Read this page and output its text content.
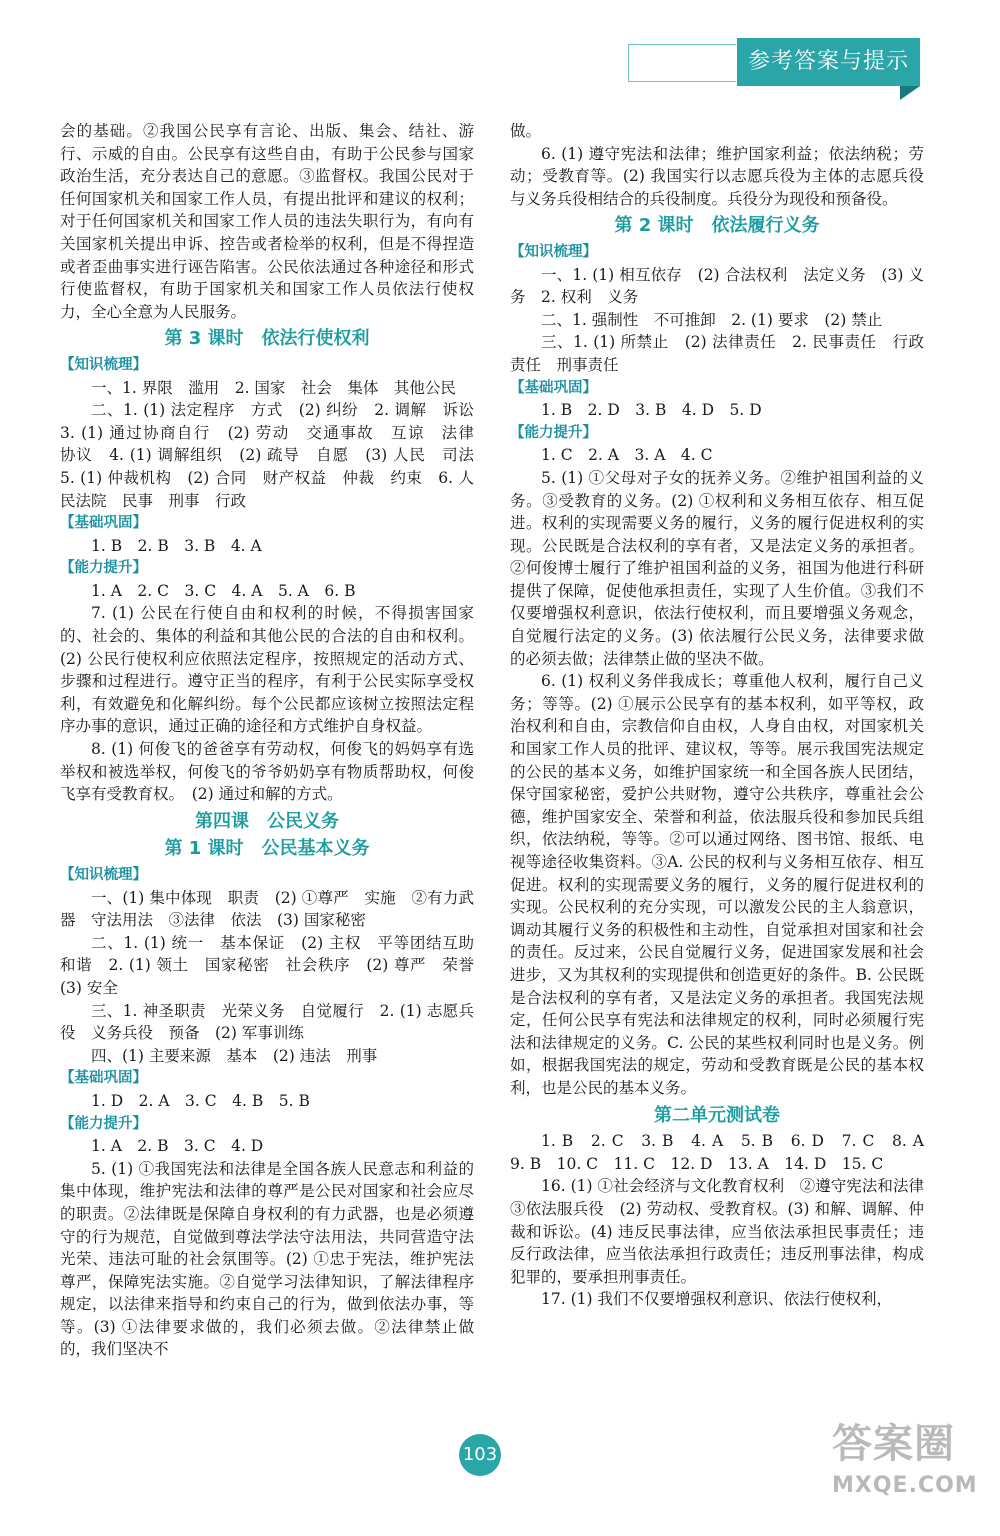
参考答案与提示

会的基础。②我国公民享有言论、出版、集会、结社、游行、示威的自由。公民享有这些自由，有助于公民参与国家政治生活，充分表达自己的意愿。③监督权。我国公民对于任何国家机关和国家工作人员，有提出批评和建议的权利；对于任何国家机关和国家工作人员的违法失职行为，有向有关国家机关提出申诉、控告或者检举的权利，但是不得捏造或者歪曲事实进行诬告陷害。公民依法通过各种途径和形式行使监督权，有助于国家机关和国家工作人员依法行使权力，全心全意为人民服务。

第 3 课时　依法行使权利

【知识梳理】

一、1. 界限　滥用　2. 国家　社会　集体　其他公民

二、1. (1) 法定程序　方式　(2) 纠纷　2. 调解　诉讼　3. (1) 通过协商自行　(2) 劳动　交通事故　互谅　法律　协议　4. (1) 调解组织　(2) 疏导　自愿　(3) 人民　司法　5. (1) 仲裁机构　(2) 合同　财产权益　仲裁　约束　6. 人民法院　民事　刑事　行政

【基础巩固】

1. B　2. B　3. B　4. A

【能力提升】

1. A　2. C　3. C　4. A　5. A　6. B

7. (1) 公民在行使自由和权利的时候，不得损害国家的、社会的、集体的利益和其他公民的合法的自由和权利。(2) 公民行使权利应依照法定程序，按照规定的活动方式、步骤和过程进行。遵守正当的程序，有利于公民实际享受权利，有效避免和化解纠纷。每个公民都应该树立按照法定程序办事的意识，通过正确的途径和方式维护自身权益。

8. (1) 何俊飞的爸爸享有劳动权，何俊飞的妈妈享有选举权和被选举权，何俊飞的爷爷奶奶享有物质帮助权，何俊飞享有受教育权。　(2) 通过和解的方式。

第四课　公民义务

第 1 课时　公民基本义务

【知识梳理】

一、(1) 集中体现　职责　(2) ①尊严　实施　②有力武器　守法用法　③法律　依法　(3) 国家秘密

二、1. (1) 统一　基本保证　(2) 主权　平等团结互助和谐　2. (1) 领土　国家秘密　社会秩序　(2) 尊严　荣誉　(3) 安全

三、1. 神圣职责　光荣义务　自觉履行　2. (1) 志愿兵役　义务兵役　预备　(2) 军事训练

四、(1) 主要来源　基本　(2) 违法　刑事

【基础巩固】

1. D　2. A　3. C　4. B　5. B

【能力提升】

1. A　2. B　3. C　4. D

5. (1) ①我国宪法和法律是全国各族人民意志和利益的集中体现，维护宪法和法律的尊严是公民对国家和社会应尽的职责。②法律既是保障自身权利的有力武器，也是必须遵守的行为规范，自觉做到尊法学法守法用法，共同营造守法光荣、违法可耻的社会氛围等。(2) ①忠于宪法，维护宪法尊严，保障宪法实施。②自觉学习法律知识，了解法律程序规定，以法律来指导和约束自己的行为，做到依法办事，等等。(3) ①法律要求做的，我们必须去做。②法律禁止做的，我们坚决不

做。

6. (1) 遵守宪法和法律；维护国家利益；依法纳税；劳动；受教育等。(2) 我国实行以志愿兵役为主体的志愿兵役与义务兵役相结合的兵役制度。兵役分为现役和预备役。

第 2 课时　依法履行义务

【知识梳理】

一、1. (1) 相互依存　(2) 合法权利　法定义务　(3) 义务　2. 权利　义务

二、1. 强制性　不可推卸　2. (1) 要求　(2) 禁止

三、1. (1) 所禁止　(2) 法律责任　2. 民事责任　行政责任　刑事责任

【基础巩固】

1. B　2. D　3. B　4. D　5. D

【能力提升】

1. C　2. A　3. A　4. C

5. (1) ①父母对子女的抚养义务。②维护祖国利益的义务。③受教育的义务。(2) ①权利和义务相互依存、相互促进。权利的实现需要义务的履行，义务的履行促进权利的实现。公民既是合法权利的享有者，又是法定义务的承担者。②何俊博士履行了维护祖国利益的义务，祖国为他进行科研提供了保障，促使他承担责任，实现了人生价值。③我们不仅要增强权利意识，依法行使权利，而且要增强义务观念，自觉履行法定的义务。(3) 依法履行公民义务，法律要求做的必须去做；法律禁止做的坚决不做。

6. (1) 权利义务伴我成长；尊重他人权利，履行自己义务；等等。(2) ①展示公民享有的基本权利，如平等权，政治权利和自由，宗教信仰自由权，人身自由权，对国家机关和国家工作人员的批评、建议权，等等。展示我国宪法规定的公民的基本义务，如维护国家统一和全国各族人民团结，保守国家秘密，爱护公共财物，遵守公共秩序，尊重社会公德，维护国家安全、荣誉和利益，依法服兵役和参加民兵组织，依法纳税，等等。②可以通过网络、图书馆、报纸、电视等途径收集资料。③A. 公民的权利与义务相互依存、相互促进。权利的实现需要义务的履行，义务的履行促进权利的实现。公民权利的充分实现，可以激发公民的主人翁意识，调动其履行义务的积极性和主动性，自觉承担对国家和社会的责任。反过来，公民自觉履行义务，促进国家发展和社会进步，又为其权利的实现提供和创造更好的条件。B. 公民既是合法权利的享有者，又是法定义务的承担者。我国宪法规定，任何公民享有宪法和法律规定的权利，同时必须履行宪法和法律规定的义务。C. 公民的某些权利同时也是义务。例如，根据我国宪法的规定，劳动和受教育既是公民的基本权利，也是公民的基本义务。

第二单元测试卷

1. B　2. C　3. B　4. A　5. B　6. D　7. C　8. A　9. B　10. C　11. C　12. D　13. A　14. D　15. C

16. (1) ①社会经济与文化教育权利　②遵守宪法和法律　③依法服兵役　(2) 劳动权、受教育权。(3) 和解、调解、仲裁和诉讼。(4) 违反民事法律，应当依法承担民事责任；违反行政法律，应当依法承担行政责任；违反刑事法律，构成犯罪的，要承担刑事责任。

17. (1) 我们不仅要增强权利意识、依法行使权利，

103	答案圈
MXQE.COM
